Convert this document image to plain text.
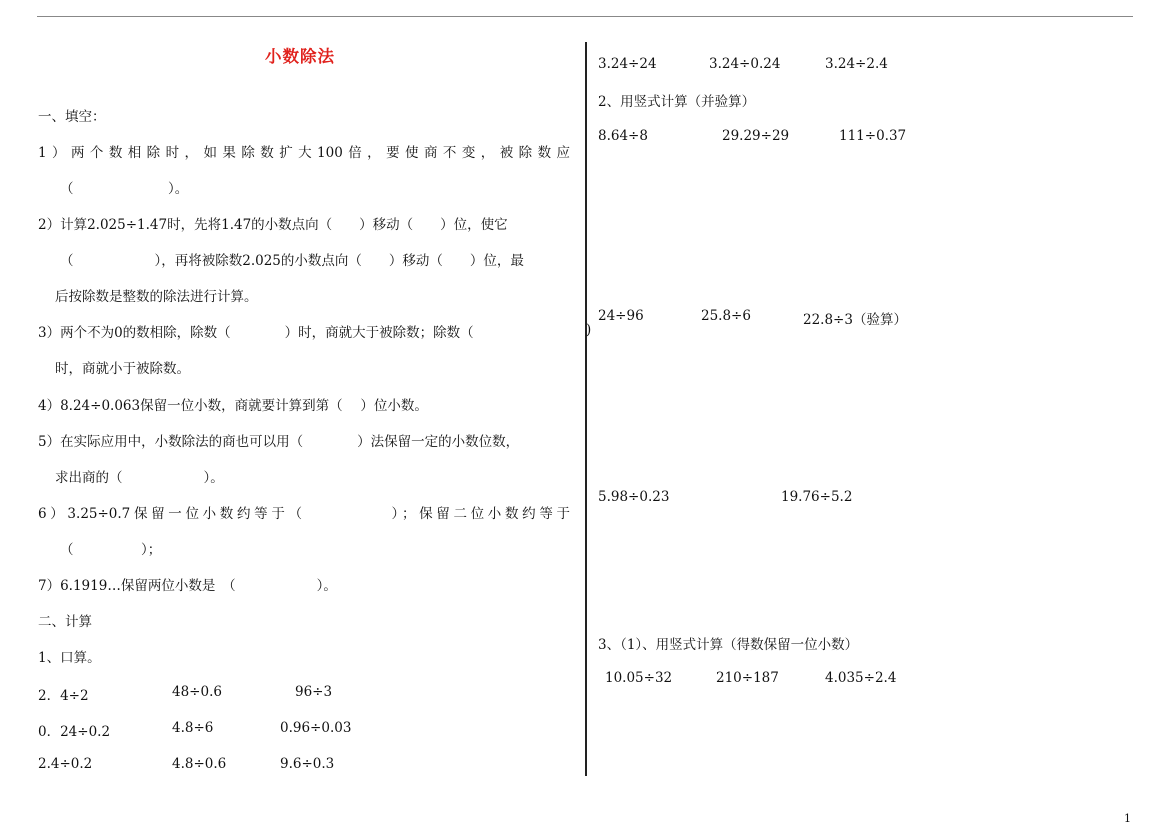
小数除法
一、填空：
1）两个数相除时，如果除数扩大100倍，要使商不变，被除数应
（　　　　　　　）。
2）计算2.025÷1.47时，先将1.47的小数点向（　　）移动（　　）位，使它
（　　　　　　），再将被除数2.025的小数点向（　　）移动（　　）位，最
后按除数是整数的除法进行计算。
3）两个不为0的数相除，除数（　　　　）时，商就大于被除数；除数（　　　　	)
时，商就小于被除数。
4）8.24÷0.063保留一位小数，商就要计算到第（　 ）位小数。
5）在实际应用中，小数除法的商也可以用（　　　　）法保留一定的小数位数，
求出商的（　　　　　　）。
6）3.25÷0.7保留一位小数约等于（　　　　　）；保留二位小数约等于
（　　　　　）；
7）6.1919…保留两位小数是　（　　　　　　）。
二、计算
1、口算。
2．4÷2	48÷0.6	96÷3
0．24÷0.2	4.8÷6	0.96÷0.03
2.4÷0.2	4.8÷0.6	9.6÷0.3
3.24÷24	3.24÷0.24	3.24÷2.4
2、用竖式计算（并验算）
8.64÷8	29.29÷29	111÷0.37
24÷96	25.8÷6	22.8÷3（验算）
5.98÷0.23	19.76÷5.2
3、（1）、用竖式计算（得数保留一位小数）
10.05÷32	210÷187	4.035÷2.4
1
